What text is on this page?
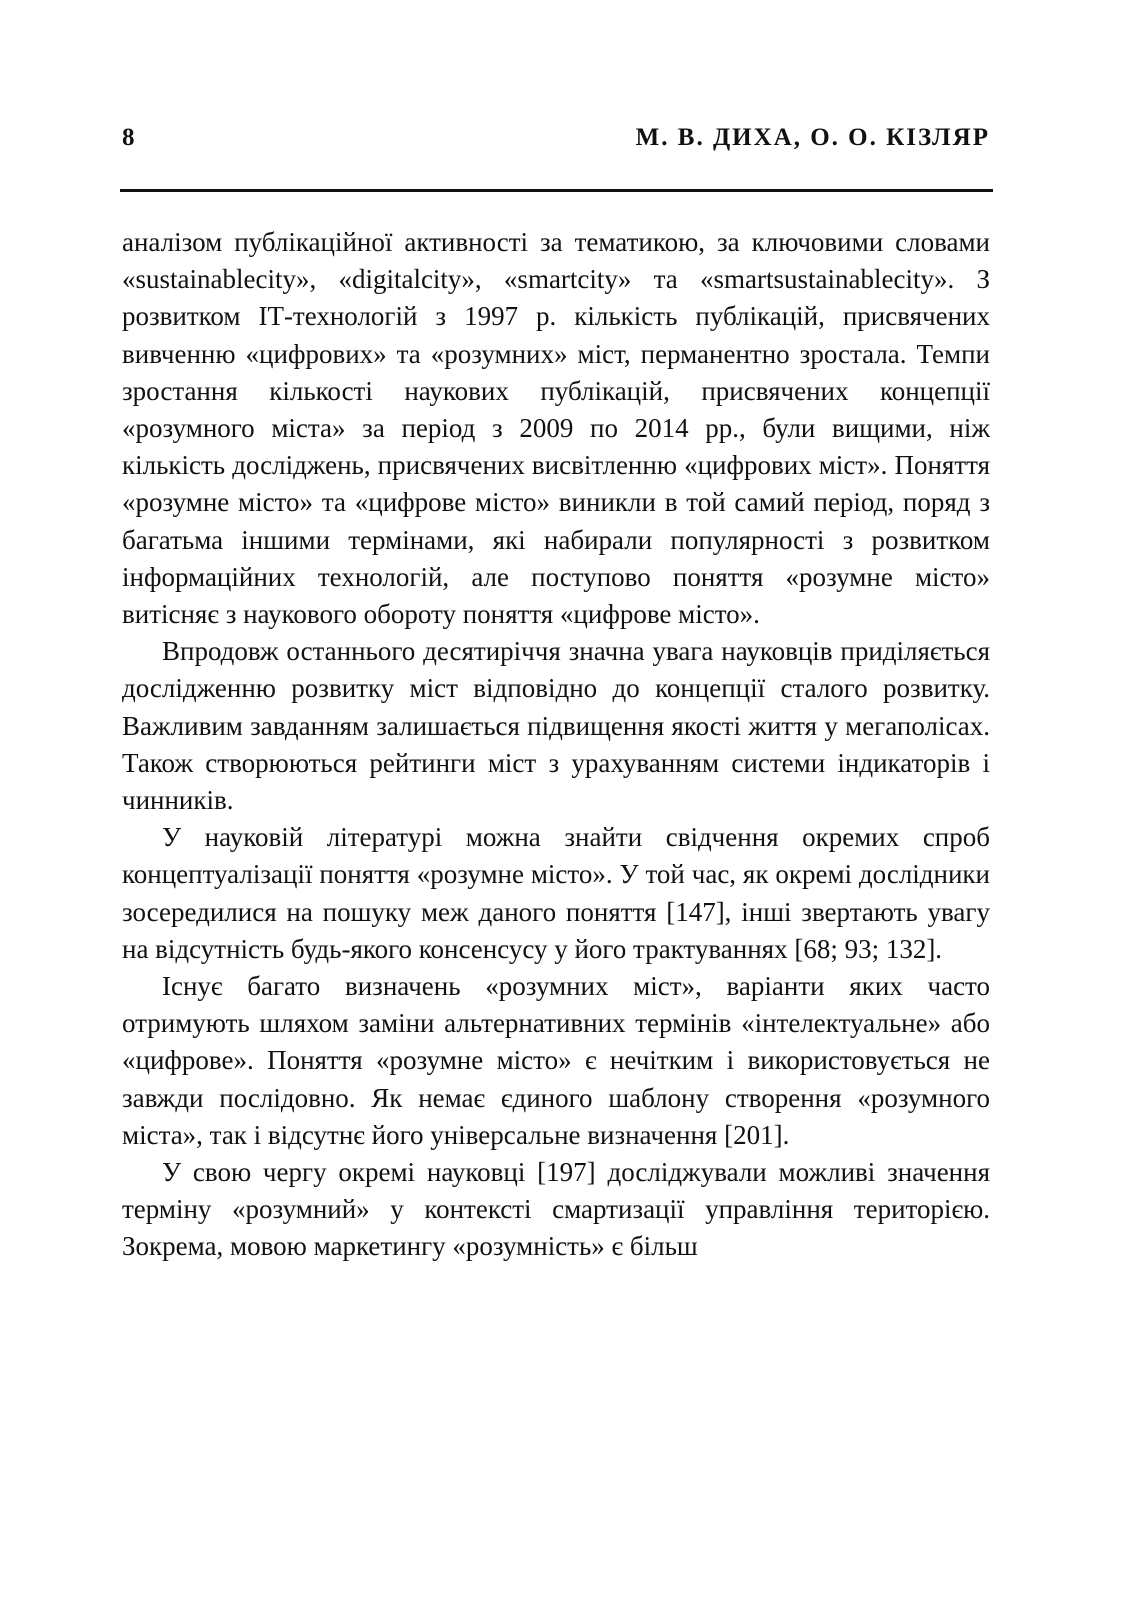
8	М. В. ДИХА, О. О. КІЗЛЯР

аналізом публікаційної активності за тематикою, за ключовими словами «sustainablecity», «digitalcity», «smartcity» та «smartsustainablecity». З розвитком ІТ-технологій з 1997 р. кількість публікацій, присвячених вивченню «цифрових» та «розумних» міст, перманентно зростала. Темпи зростання кількості наукових публікацій, присвячених концепції «розумного міста» за період з 2009 по 2014 рр., були вищими, ніж кількість досліджень, присвячених висвітленню «цифрових міст». Поняття «розумне місто» та «цифрове місто» виникли в той самий період, поряд з багатьма іншими термінами, які набирали популярності з розвитком інформаційних технологій, але поступово поняття «розумне місто» витісняє з наукового обороту поняття «цифрове місто».

Впродовж останнього десятиріччя значна увага науковців приділяється дослідженню розвитку міст відповідно до концепції сталого розвитку. Важливим завданням залишається підвищення якості життя у мегаполісах. Також створюються рейтинги міст з урахуванням системи індикаторів і чинників.

У науковій літературі можна знайти свідчення окремих спроб концептуалізації поняття «розумне місто». У той час, як окремі дослідники зосередилися на пошуку меж даного поняття [147], інші звертають увагу на відсутність будь-якого консенсусу у його трактуваннях [68; 93; 132].

Існує багато визначень «розумних міст», варіанти яких часто отримують шляхом заміни альтернативних термінів «інтелектуальне» або «цифрове». Поняття «розумне місто» є нечітким і використовується не завжди послідовно. Як немає єдиного шаблону створення «розумного міста», так і відсутнє його універсальне визначення [201].

У свою чергу окремі науковці [197] досліджували можливі значення терміну «розумний» у контексті смартизації управління територією. Зокрема, мовою маркетингу «розумність» є більш
